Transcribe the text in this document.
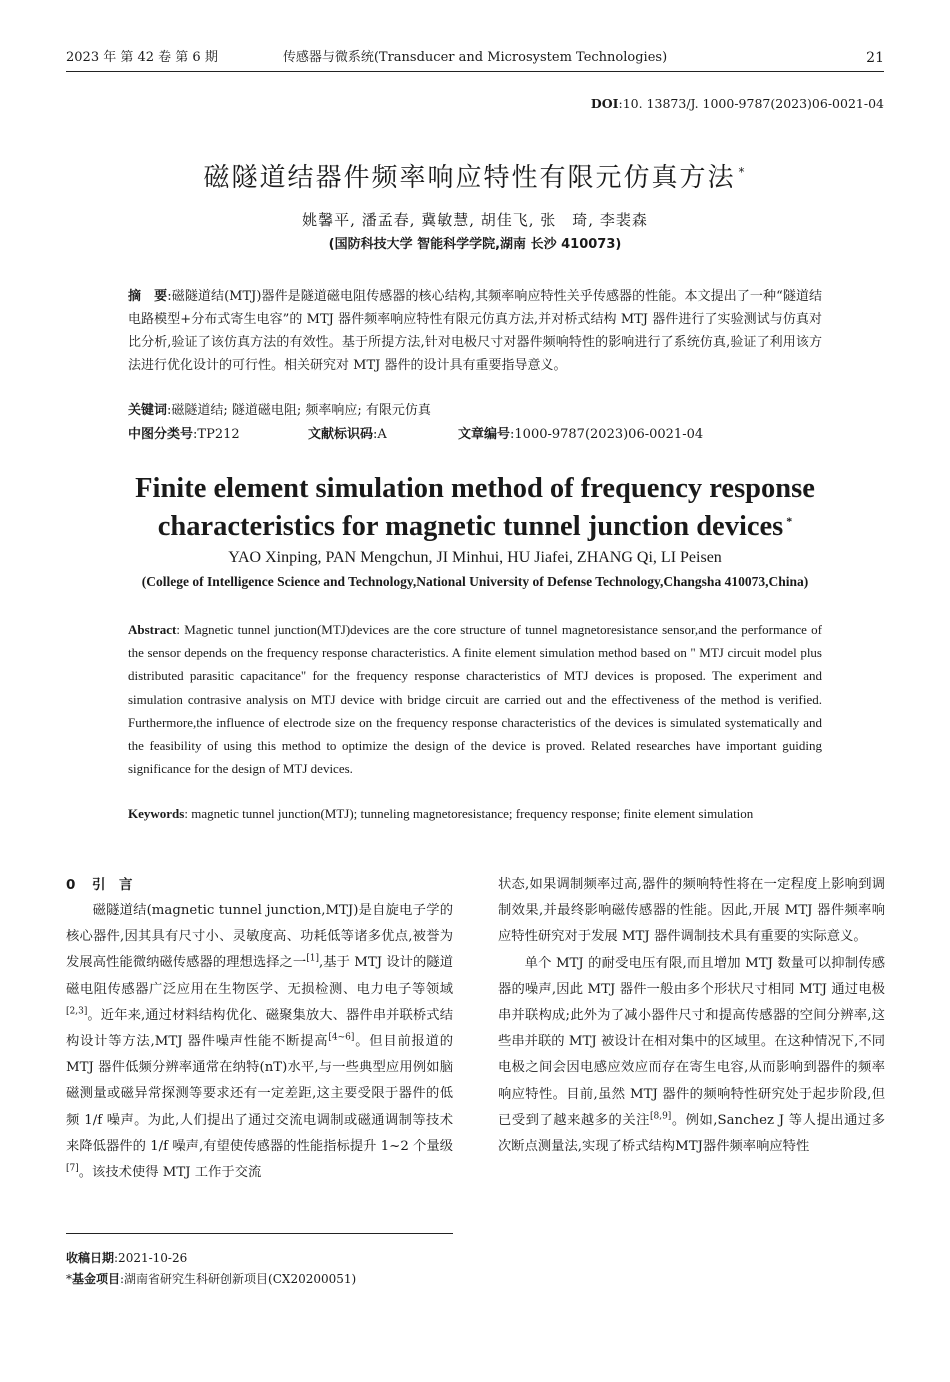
2023 年 第 42 卷 第 6 期	传感器与微系统(Transducer and Microsystem Technologies)	21
DOI:10. 13873/J. 1000-9787(2023)06-0021-04
磁隧道结器件频率响应特性有限元仿真方法 *
姚馨平, 潘孟春, 冀敏慧, 胡佳飞, 张　琦, 李裴森
(国防科技大学 智能科学学院,湖南 长沙 410073)
摘　要:磁隧道结(MTJ)器件是隧道磁电阻传感器的核心结构,其频率响应特性关乎传感器的性能。本文提出了一种“隧道结电路模型+分布式寄生电容”的 MTJ 器件频率响应特性有限元仿真方法,并对桥式结构 MTJ 器件进行了实验测试与仿真对比分析,验证了该仿真方法的有效性。基于所提方法,针对电极尺寸对器件频响特性的影响进行了系统仿真,验证了利用该方法进行优化设计的可行性。相关研究对 MTJ 器件的设计具有重要指导意义。
关键词:磁隧道结; 隧道磁电阻; 频率响应; 有限元仿真
中图分类号:TP212	文献标识码:A	文章编号:1000-9787(2023)06-0021-04
Finite element simulation method of frequency response
characteristics for magnetic tunnel junction devices *
YAO Xinping, PAN Mengchun, JI Minhui, HU Jiafei, ZHANG Qi, LI Peisen
(College of Intelligence Science and Technology,National University of Defense Technology,Changsha 410073,China)
Abstract: Magnetic tunnel junction(MTJ)devices are the core structure of tunnel magnetoresistance sensor,and the performance of the sensor depends on the frequency response characteristics. A finite element simulation method based on " MTJ circuit model plus distributed parasitic capacitance" for the frequency response characteristics of MTJ devices is proposed. The experiment and simulation contrasive analysis on MTJ device with bridge circuit are carried out and the effectiveness of the method is verified. Furthermore,the influence of electrode size on the frequency response characteristics of the devices is simulated systematically and the feasibility of using this method to optimize the design of the device is proved. Related researches have important guiding significance for the design of MTJ devices.
Keywords: magnetic tunnel junction(MTJ); tunneling magnetoresistance; frequency response; finite element simulation
0 引　言

磁隧道结(magnetic tunnel junction,MTJ)是自旋电子学的核心器件,因其具有尺寸小、灵敏度高、功耗低等诸多优点,被誉为发展高性能微纳磁传感器的理想选择之一[1],基于 MTJ 设计的隧道磁电阻传感器广泛应用在生物医学、无损检测、电力电子等领域[2,3]。近年来,通过材料结构优化、磁聚集放大、器件串并联桥式结构设计等方法,MTJ 器件噪声性能不断提高[4~6]。但目前报道的 MTJ 器件低频分辨率通常在纳特(nT)水平,与一些典型应用例如脑磁测量或磁异常探测等要求还有一定差距,这主要受限于器件的低频 1/f 噪声。为此,人们提出了通过交流电调制或磁通调制等技术来降低器件的 1/f 噪声,有望使传感器的性能指标提升 1~2 个量级[7]。该技术使得 MTJ 工作于交流

状态,如果调制频率过高,器件的频响特性将在一定程度上影响到调制效果,并最终影响磁传感器的性能。因此,开展 MTJ 器件频率响应特性研究对于发展 MTJ 器件调制技术具有重要的实际意义。

单个 MTJ 的耐受电压有限,而且增加 MTJ 数量可以抑制传感器的噪声,因此 MTJ 器件一般由多个形状尺寸相同 MTJ 通过电极串并联构成;此外为了减小器件尺寸和提高传感器的空间分辨率,这些串并联的 MTJ 被设计在相对集中的区域里。在这种情况下,不同电极之间会因电感应效应而存在寄生电容,从而影响到器件的频率响应特性。目前,虽然 MTJ 器件的频响特性研究处于起步阶段,但已受到了越来越多的关注[8,9]。例如,Sanchez J 等人提出通过多次断点测量法,实现了桥式结构MTJ器件频率响应特性

收稿日期:2021-10-26
*基金项目:湖南省研究生科研创新项目(CX20200051)
